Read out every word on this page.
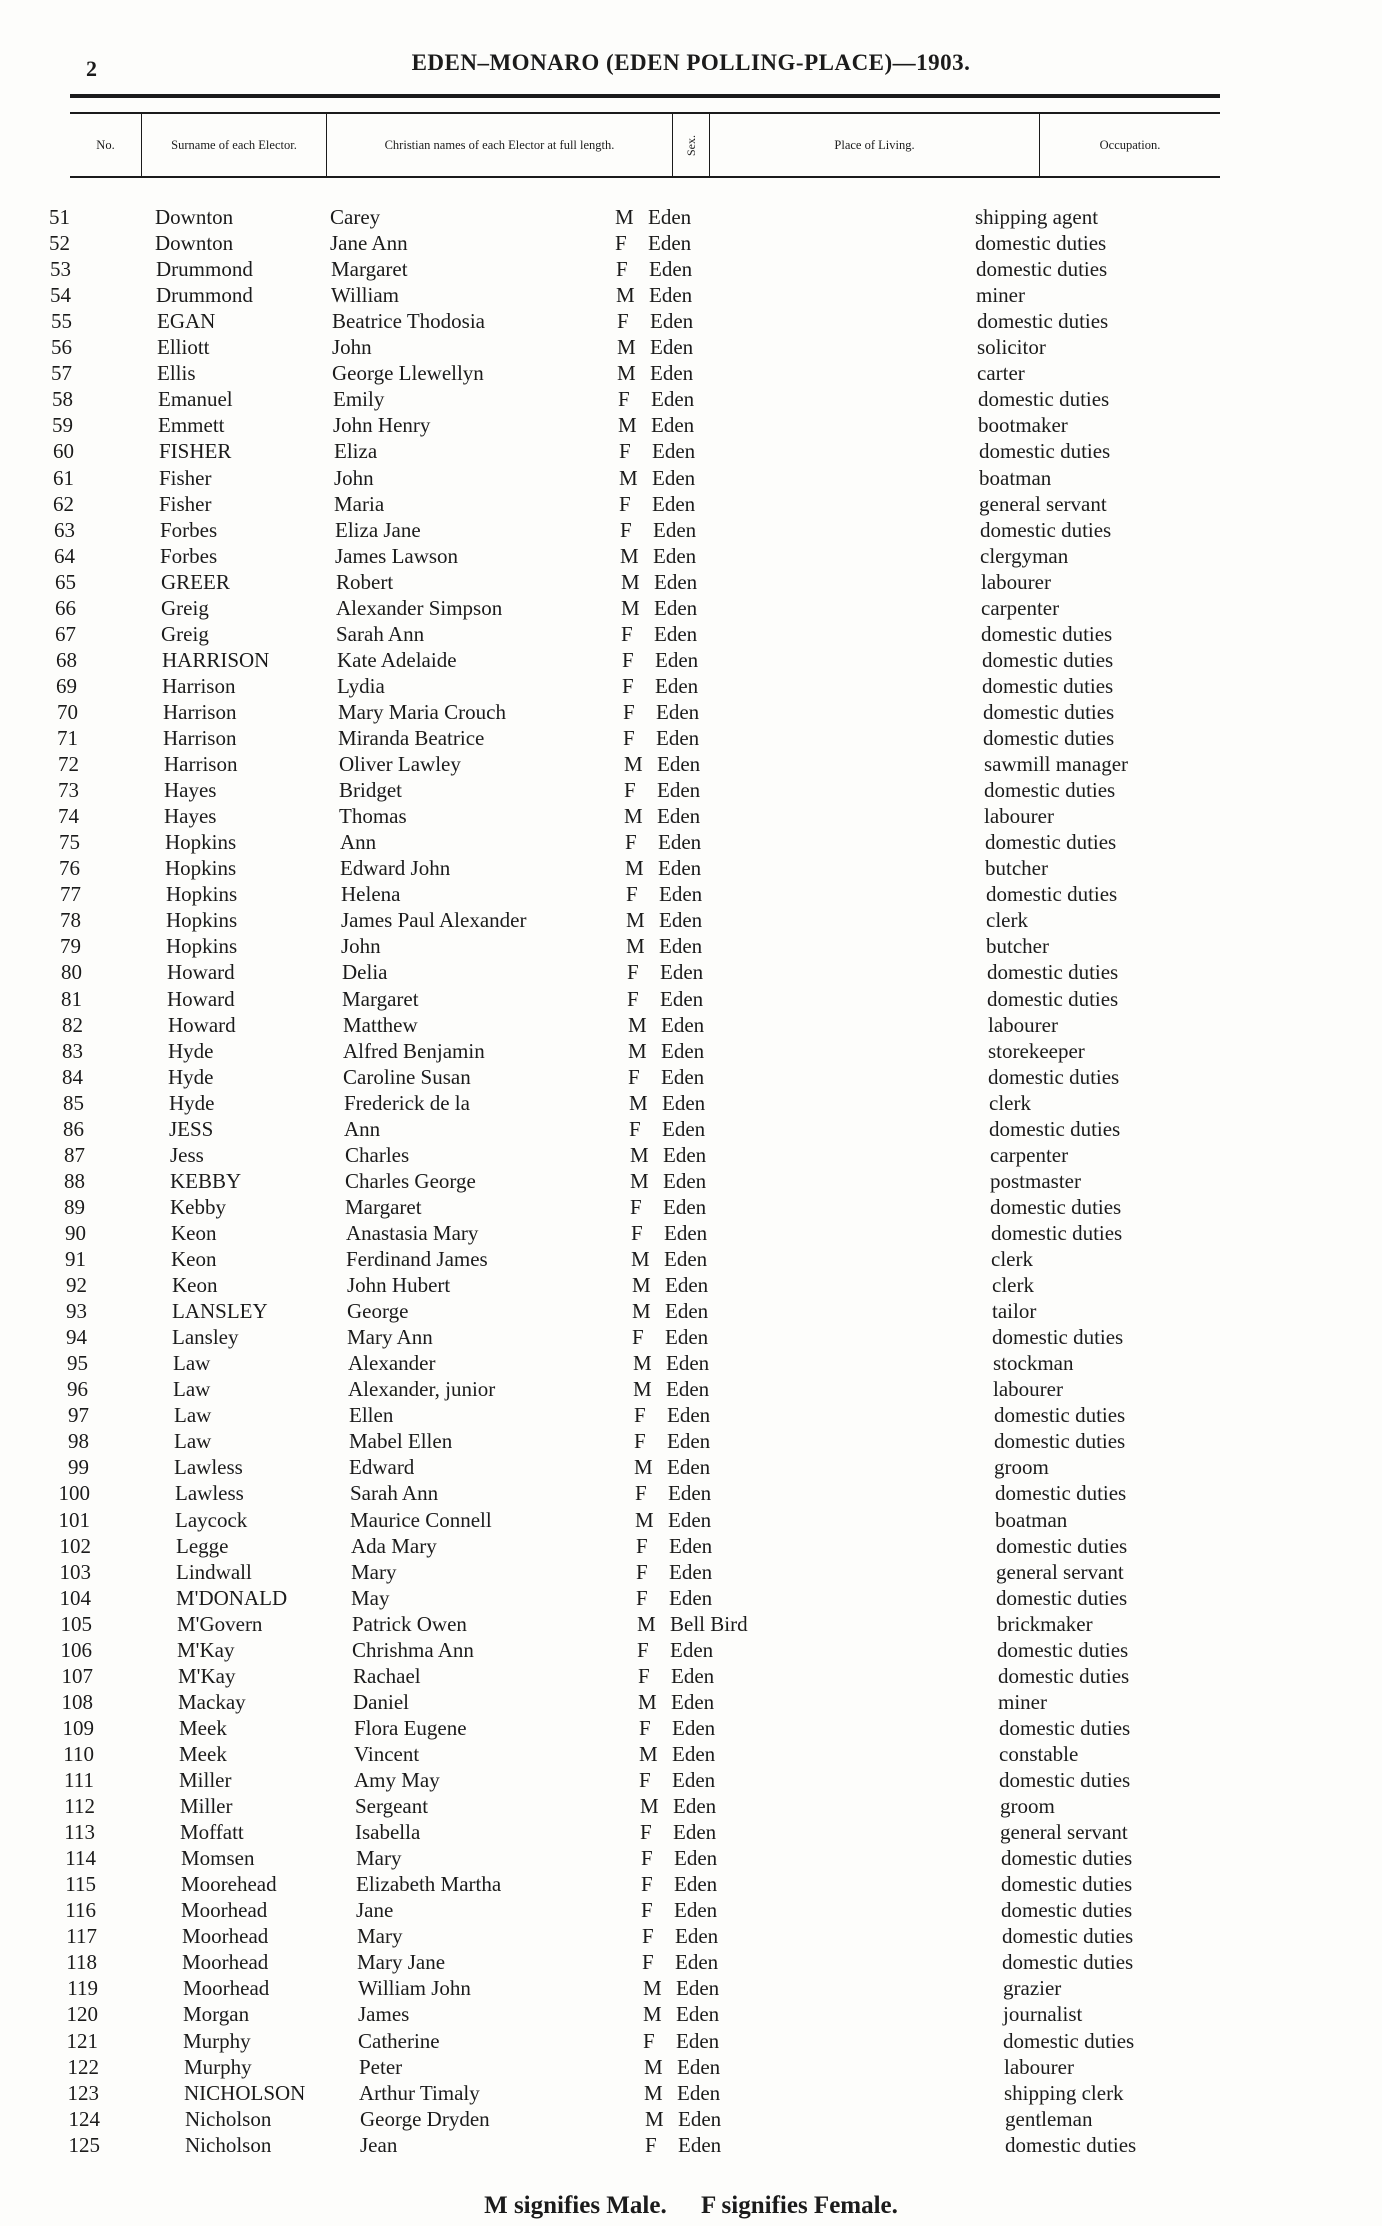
2	EDEN–MONARO (EDEN POLLING-PLACE)—1903.
No.	Surname of each Elector.	Christian names of each Elector at full length.	Sex.	Place of Living.	Occupation.
51	Downton	Carey	M Eden	shipping agent
52	Downton	Jane Ann	F Eden	domestic duties
53	Drummond	Margaret	F Eden	domestic duties
54	Drummond	William	M Eden	miner
55	EGAN	Beatrice Thodosia	F Eden	domestic duties
56	Elliott	John	M Eden	solicitor
57	Ellis	George Llewellyn	M Eden	carter
58	Emanuel	Emily	F Eden	domestic duties
59	Emmett	John Henry	M Eden	bootmaker
60	FISHER	Eliza	F Eden	domestic duties
61	Fisher	John	M Eden	boatman
62	Fisher	Maria	F Eden	general servant
63	Forbes	Eliza Jane	F Eden	domestic duties
64	Forbes	James Lawson	M Eden	clergyman
65	GREER	Robert	M Eden	labourer
66	Greig	Alexander Simpson	M Eden	carpenter
67	Greig	Sarah Ann	F Eden	domestic duties
68	HARRISON	Kate Adelaide	F Eden	domestic duties
69	Harrison	Lydia	F Eden	domestic duties
70	Harrison	Mary Maria Crouch	F Eden	domestic duties
71	Harrison	Miranda Beatrice	F Eden	domestic duties
72	Harrison	Oliver Lawley	M Eden	sawmill manager
73	Hayes	Bridget	F Eden	domestic duties
74	Hayes	Thomas	M Eden	labourer
75	Hopkins	Ann	F Eden	domestic duties
76	Hopkins	Edward John	M Eden	butcher
77	Hopkins	Helena	F Eden	domestic duties
78	Hopkins	James Paul Alexander	M Eden	clerk
79	Hopkins	John	M Eden	butcher
80	Howard	Delia	F Eden	domestic duties
81	Howard	Margaret	F Eden	domestic duties
82	Howard	Matthew	M Eden	labourer
83	Hyde	Alfred Benjamin	M Eden	storekeeper
84	Hyde	Caroline Susan	F Eden	domestic duties
85	Hyde	Frederick de la	M Eden	clerk
86	JESS	Ann	F Eden	domestic duties
87	Jess	Charles	M Eden	carpenter
88	KEBBY	Charles George	M Eden	postmaster
89	Kebby	Margaret	F Eden	domestic duties
90	Keon	Anastasia Mary	F Eden	domestic duties
91	Keon	Ferdinand James	M Eden	clerk
92	Keon	John Hubert	M Eden	clerk
93	LANSLEY	George	M Eden	tailor
94	Lansley	Mary Ann	F Eden	domestic duties
95	Law	Alexander	M Eden	stockman
96	Law	Alexander, junior	M Eden	labourer
97	Law	Ellen	F Eden	domestic duties
98	Law	Mabel Ellen	F Eden	domestic duties
99	Lawless	Edward	M Eden	groom
100	Lawless	Sarah Ann	F Eden	domestic duties
101	Laycock	Maurice Connell	M Eden	boatman
102	Legge	Ada Mary	F Eden	domestic duties
103	Lindwall	Mary	F Eden	general servant
104	M'DONALD	May	F Eden	domestic duties
105	M'Govern	Patrick Owen	M Bell Bird	brickmaker
106	M'Kay	Chrishma Ann	F Eden	domestic duties
107	M'Kay	Rachael	F Eden	domestic duties
108	Mackay	Daniel	M Eden	miner
109	Meek	Flora Eugene	F Eden	domestic duties
110	Meek	Vincent	M Eden	constable
111	Miller	Amy May	F Eden	domestic duties
112	Miller	Sergeant	M Eden	groom
113	Moffatt	Isabella	F Eden	general servant
114	Momsen	Mary	F Eden	domestic duties
115	Moorehead	Elizabeth Martha	F Eden	domestic duties
116	Moorhead	Jane	F Eden	domestic duties
117	Moorhead	Mary	F Eden	domestic duties
118	Moorhead	Mary Jane	F Eden	domestic duties
119	Moorhead	William John	M Eden	grazier
120	Morgan	James	M Eden	journalist
121	Murphy	Catherine	F Eden	domestic duties
122	Murphy	Peter	M Eden	labourer
123	NICHOLSON	Arthur Timaly	M Eden	shipping clerk
124	Nicholson	George Dryden	M Eden	gentleman
125	Nicholson	Jean	F Eden	domestic duties
M signifies Male. F signifies Female.
